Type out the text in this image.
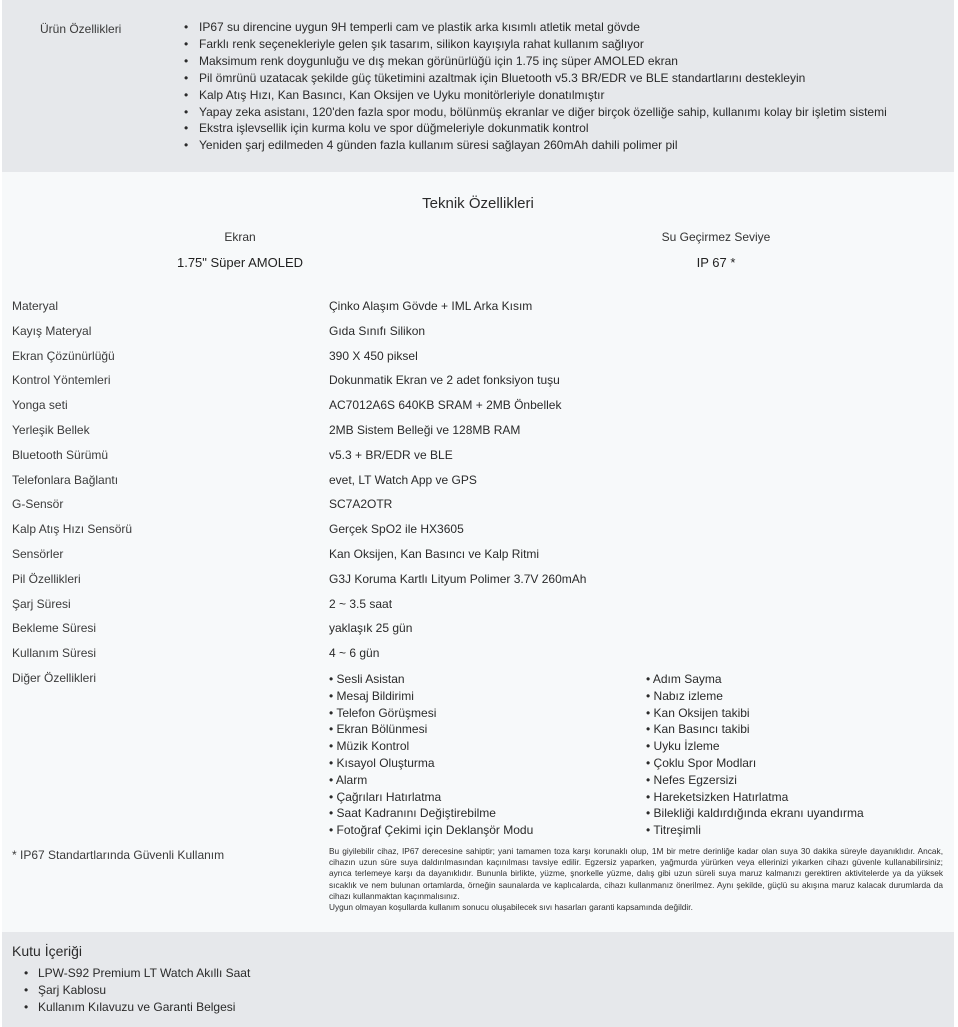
Ürün Özellikleri
•	IP67 su direncine uygun 9H temperli cam ve plastik arka kısımlı atletik metal gövde
• Farklı renk seçenekleriyle gelen şık tasarım, silikon kayışıyla rahat kullanım sağlıyor
• Maksimum renk doygunluğu ve dış mekan görünürlüğü için 1.75 inç süper AMOLED ekran
• Pil ömrünü uzatacak şekilde güç tüketimini azaltmak için Bluetooth v5.3 BR/EDR ve BLE standartlarını destekleyin
• Kalp Atış Hızı, Kan Basıncı, Kan Oksijen ve Uyku monitörleriyle donatılmıştır
• Yapay zeka asistanı, 120'den fazla spor modu, bölünmüş ekranlar ve diğer birçok özelliğe sahip, kullanımı kolay bir işletim sistemi
• Ekstra işlevsellik için kurma kolu ve spor düğmeleriyle dokunmatik kontrol
• Yeniden şarj edilmeden 4 günden fazla kullanım süresi sağlayan 260mAh dahili polimer pil
Teknik Özellikleri
Ekran
1.75" Süper AMOLED
Su Geçirmez Seviye
IP 67 *
Materyal	Çinko Alaşım Gövde + IML Arka Kısım
Kayış Materyal	Gıda Sınıfı Silikon
Ekran Çözünürlüğü	390 X 450 piksel
Kontrol Yöntemleri	Dokunmatik Ekran ve 2 adet fonksiyon tuşu
Yonga seti	AC7012A6S 640KB SRAM + 2MB Önbellek
Yerleşik Bellek	2MB Sistem Belleği ve 128MB RAM
Bluetooth Sürümü	v5.3 + BR/EDR ve BLE
Telefonlara Bağlantı	evet, LT Watch App ve GPS
G-Sensör	SC7A2OTR
Kalp Atış Hızı Sensörü	Gerçek SpO2 ile HX3605
Sensörler	Kan Oksijen, Kan Basıncı ve Kalp Ritmi
Pil Özellikleri	G3J Koruma Kartlı Lityum Polimer 3.7V 260mAh
Şarj Süresi	2 ~ 3.5 saat
Bekleme Süresi	yaklaşık 25 gün
Kullanım Süresi	4 ~ 6 gün
Diğer Özellikleri	• Sesli Asistan
• Mesaj Bildirimi
• Telefon Görüşmesi
• Ekran Bölünmesi
• Müzik Kontrol
• Kısayol Oluşturma
• Alarm
• Çağrıları Hatırlatma
• Saat Kadranını Değiştirebilme
• Fotoğraf Çekimi için Deklanşör Modu
• Adım Sayma
• Nabız izleme
• Kan Oksijen takibi
• Kan Basıncı takibi
• Uyku İzleme
• Çoklu Spor Modları
• Nefes Egzersizi
• Hareketsizken Hatırlatma
• Bilekliği kaldırdığında ekranı uyandırma
• Titreşimli
* IP67 Standartlarında Güvenli Kullanım	Bu giyilebilir cihaz, IP67 derecesine sahiptir; yani tamamen toza karşı korunaklı olup, 1M bir metre derinliğe kadar olan suya 30 dakika süreyle dayanıklıdır. Ancak, cihazın uzun süre suya daldırılmasından kaçınılması tavsiye edilir. Egzersiz yaparken, yağmurda yürürken veya ellerinizi yıkarken cihazı güvenle kullanabilirsiniz; ayrıca terlemeye karşı da dayanıklıdır. Bununla birlikte, yüzme, şnorkelle yüzme, dalış gibi uzun süreli suya maruz kalmanızı gerektiren aktivitelerde ya da yüksek sıcaklık ve nem bulunan ortamlarda, örneğin saunalarda ve kaplıcalarda, cihazı kullanmanız önerilmez. Aynı şekilde, güçlü su akışına maruz kalacak durumlarda da cihazı kullanmaktan kaçınmalısınız.

Uygun olmayan koşullarda kullanım sonucu oluşabilecek sıvı hasarları garanti kapsamında değildir.

Kutu İçeriği
• LPW-S92 Premium LT Watch Akıllı Saat
• Şarj Kablosu
• Kullanım Kılavuzu ve Garanti Belgesi
